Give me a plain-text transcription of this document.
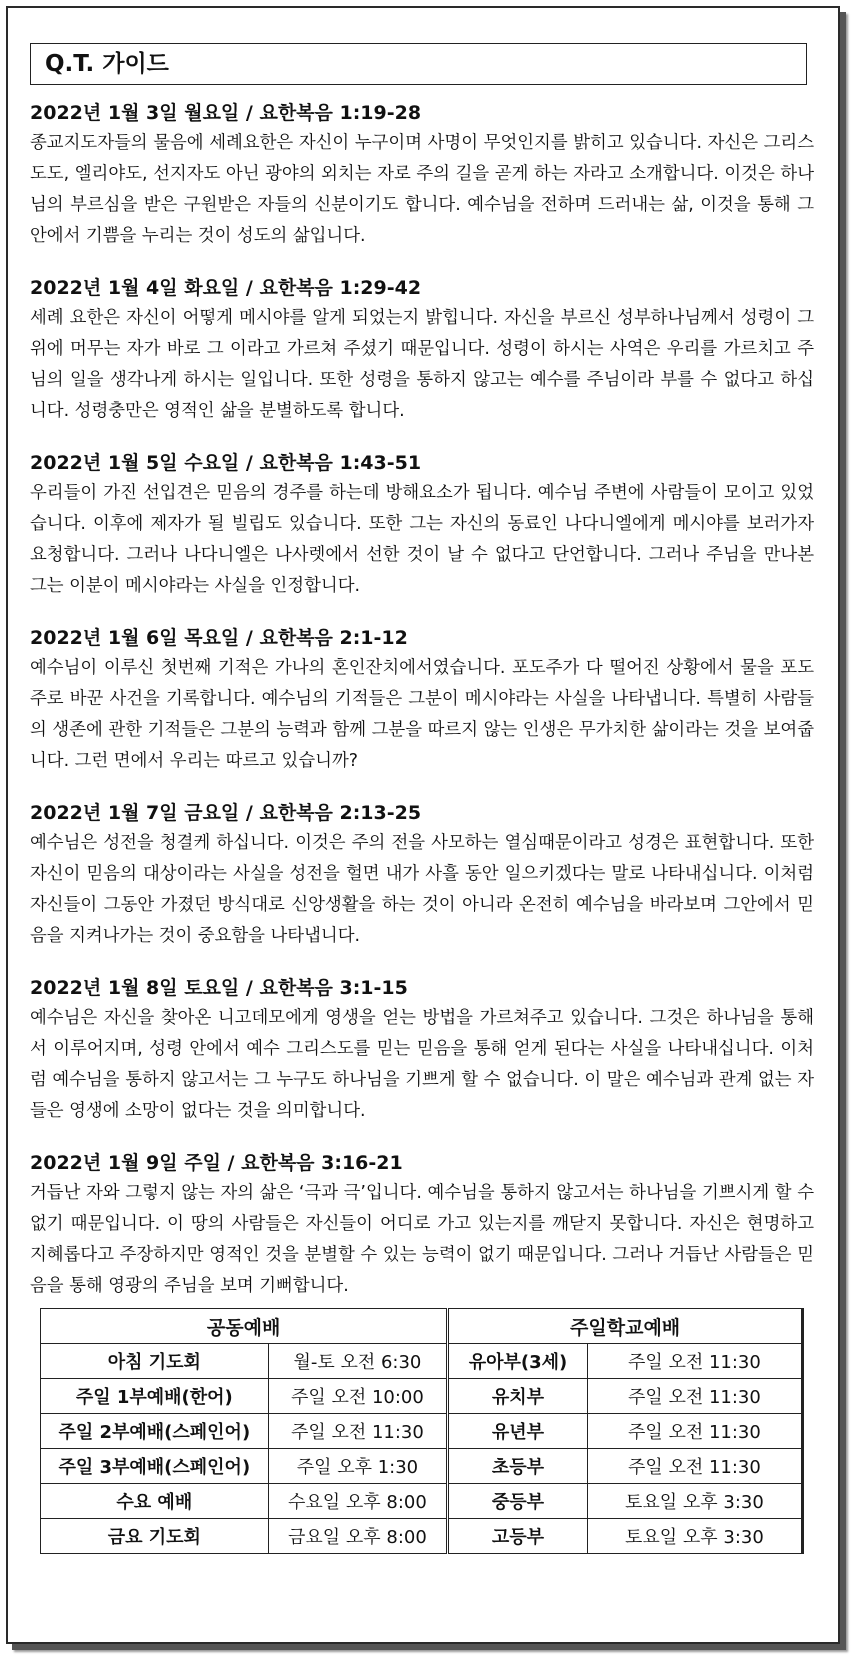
Q.T. 가이드
2022년 1월 3일 월요일 / 요한복음 1:19-28
종교지도자들의 물음에 세례요한은 자신이 누구이며 사명이 무엇인지를 밝히고 있습니다. 자신은 그리스도도, 엘리야도, 선지자도 아닌 광야의 외치는 자로 주의 길을 곧게 하는 자라고 소개합니다. 이것은 하나님의 부르심을 받은 구원받은 자들의 신분이기도 합니다. 예수님을 전하며 드러내는 삶, 이것을 통해 그 안에서 기쁨을 누리는 것이 성도의 삶입니다.
2022년 1월 4일 화요일 / 요한복음 1:29-42
세례 요한은 자신이 어떻게 메시야를 알게 되었는지 밝힙니다. 자신을 부르신 성부하나님께서 성령이 그 위에 머무는 자가 바로 그 이라고 가르쳐 주셨기 때문입니다. 성령이 하시는 사역은 우리를 가르치고 주님의 일을 생각나게 하시는 일입니다. 또한 성령을 통하지 않고는 예수를 주님이라 부를 수 없다고 하십니다. 성령충만은 영적인 삶을 분별하도록 합니다.
2022년 1월 5일 수요일 / 요한복음 1:43-51
우리들이 가진 선입견은 믿음의 경주를 하는데 방해요소가 됩니다. 예수님 주변에 사람들이 모이고 있었습니다. 이후에 제자가 될 빌립도 있습니다. 또한 그는 자신의 동료인 나다니엘에게 메시야를 보러가자 요청합니다. 그러나 나다니엘은 나사렛에서 선한 것이 날 수 없다고 단언합니다. 그러나 주님을 만나본 그는 이분이 메시야라는 사실을 인정합니다.
2022년 1월 6일 목요일 / 요한복음 2:1-12
예수님이 이루신 첫번째 기적은 가나의 혼인잔치에서였습니다. 포도주가 다 떨어진 상황에서 물을 포도주로 바꾼 사건을 기록합니다. 예수님의 기적들은 그분이 메시야라는 사실을 나타냅니다. 특별히 사람들의 생존에 관한 기적들은 그분의 능력과 함께 그분을 따르지 않는 인생은 무가치한 삶이라는 것을 보여줍니다. 그런 면에서 우리는 따르고 있습니까?
2022년 1월 7일 금요일 / 요한복음 2:13-25
예수님은 성전을 청결케 하십니다. 이것은 주의 전을 사모하는 열심때문이라고 성경은 표현합니다. 또한 자신이 믿음의 대상이라는 사실을 성전을 헐면 내가 사흘 동안 일으키겠다는 말로 나타내십니다. 이처럼 자신들이 그동안 가졌던 방식대로 신앙생활을 하는 것이 아니라 온전히 예수님을 바라보며 그안에서 믿음을 지켜나가는 것이 중요함을 나타냅니다.
2022년 1월 8일 토요일 / 요한복음 3:1-15
예수님은 자신을 찾아온 니고데모에게 영생을 얻는 방법을 가르쳐주고 있습니다. 그것은 하나님을 통해서 이루어지며, 성령 안에서 예수 그리스도를 믿는 믿음을 통해 얻게 된다는 사실을 나타내십니다. 이처럼 예수님을 통하지 않고서는 그 누구도 하나님을 기쁘게 할 수 없습니다. 이 말은 예수님과 관계 없는 자들은 영생에 소망이 없다는 것을 의미합니다.
2022년 1월 9일 주일 / 요한복음 3:16-21
거듭난 자와 그렇지 않는 자의 삶은 ‘극과 극’입니다. 예수님을 통하지 않고서는 하나님을 기쁘시게 할 수 없기 때문입니다. 이 땅의 사람들은 자신들이 어디로 가고 있는지를 깨닫지 못합니다. 자신은 현명하고 지혜롭다고 주장하지만 영적인 것을 분별할 수 있는 능력이 없기 때문입니다. 그러나 거듭난 사람들은 믿음을 통해 영광의 주님을 보며 기뻐합니다.
공동예배		주일학교예배	
아침 기도회	월-토 오전 6:30	유아부(3세)	주일 오전 11:30
주일 1부예배(한어)	주일 오전 10:00	유치부	주일 오전 11:30
주일 2부예배(스페인어)	주일 오전 11:30	유년부	주일 오전 11:30
주일 3부예배(스페인어)	주일 오후 1:30	초등부	주일 오전 11:30
수요 예배	수요일 오후 8:00	중등부	토요일 오후 3:30
금요 기도회	금요일 오후 8:00	고등부	토요일 오후 3:30
